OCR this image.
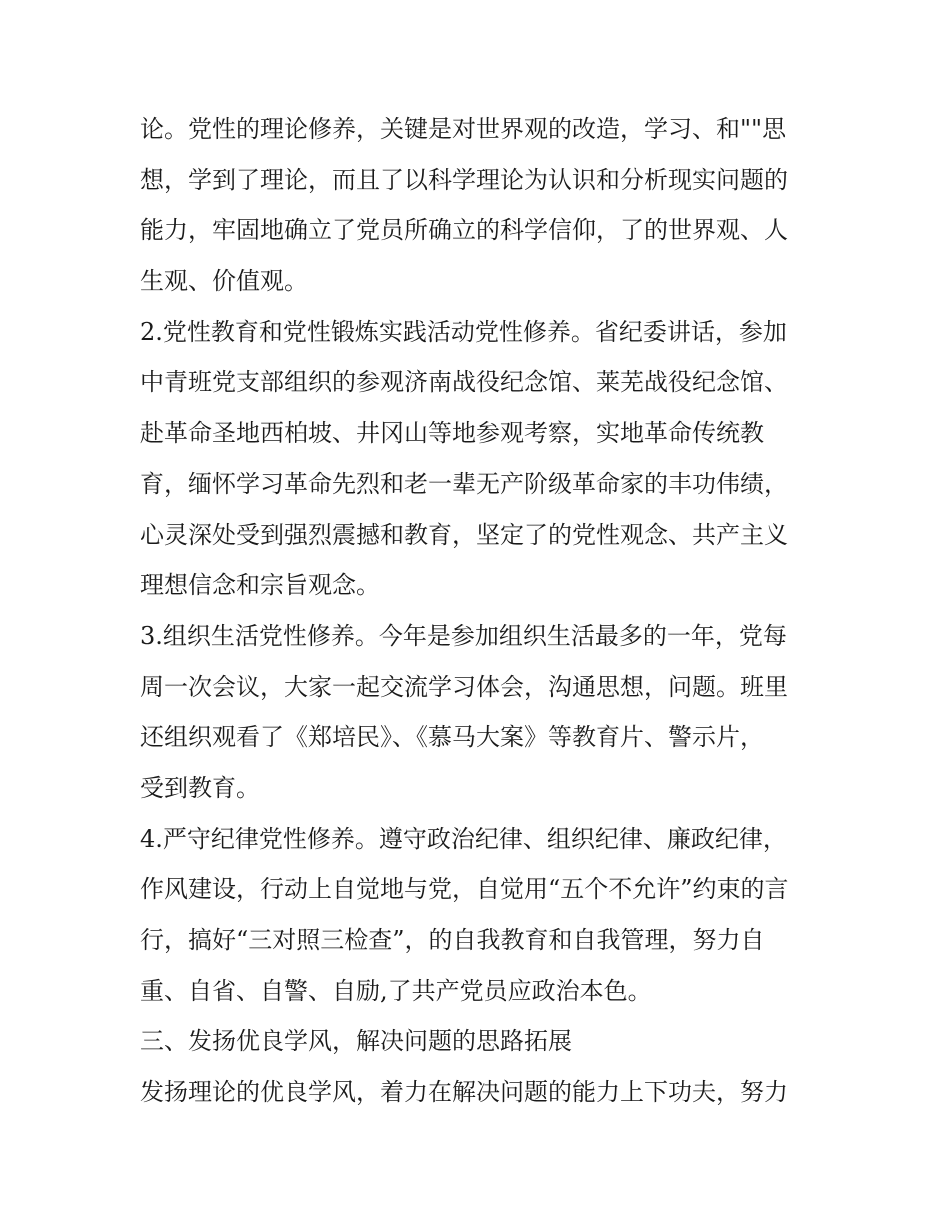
论。党性的理论修养，关键是对世界观的改造，学习、和""思
想，学到了理论，而且了以科学理论为认识和分析现实问题的
能力，牢固地确立了党员所确立的科学信仰，了的世界观、人
生观、价值观。
2.党性教育和党性锻炼实践活动党性修养。省纪委讲话，参加
中青班党支部组织的参观济南战役纪念馆、莱芜战役纪念馆、
赴革命圣地西柏坡、井冈山等地参观考察，实地革命传统教
育，缅怀学习革命先烈和老一辈无产阶级革命家的丰功伟绩，
心灵深处受到强烈震撼和教育，坚定了的党性观念、共产主义
理想信念和宗旨观念。
3.组织生活党性修养。今年是参加组织生活最多的一年，党每
周一次会议，大家一起交流学习体会，沟通思想，问题。班里
还组织观看了《郑培民》、《慕马大案》等教育片、警示片，
受到教育。
4.严守纪律党性修养。遵守政治纪律、组织纪律、廉政纪律，
作风建设，行动上自觉地与党，自觉用“五个不允许”约束的言
行，搞好“三对照三检查”，的自我教育和自我管理，努力自
重、自省、自警、自励,了共产党员应政治本色。
三、发扬优良学风，解决问题的思路拓展
发扬理论的优良学风，着力在解决问题的能力上下功夫，努力
